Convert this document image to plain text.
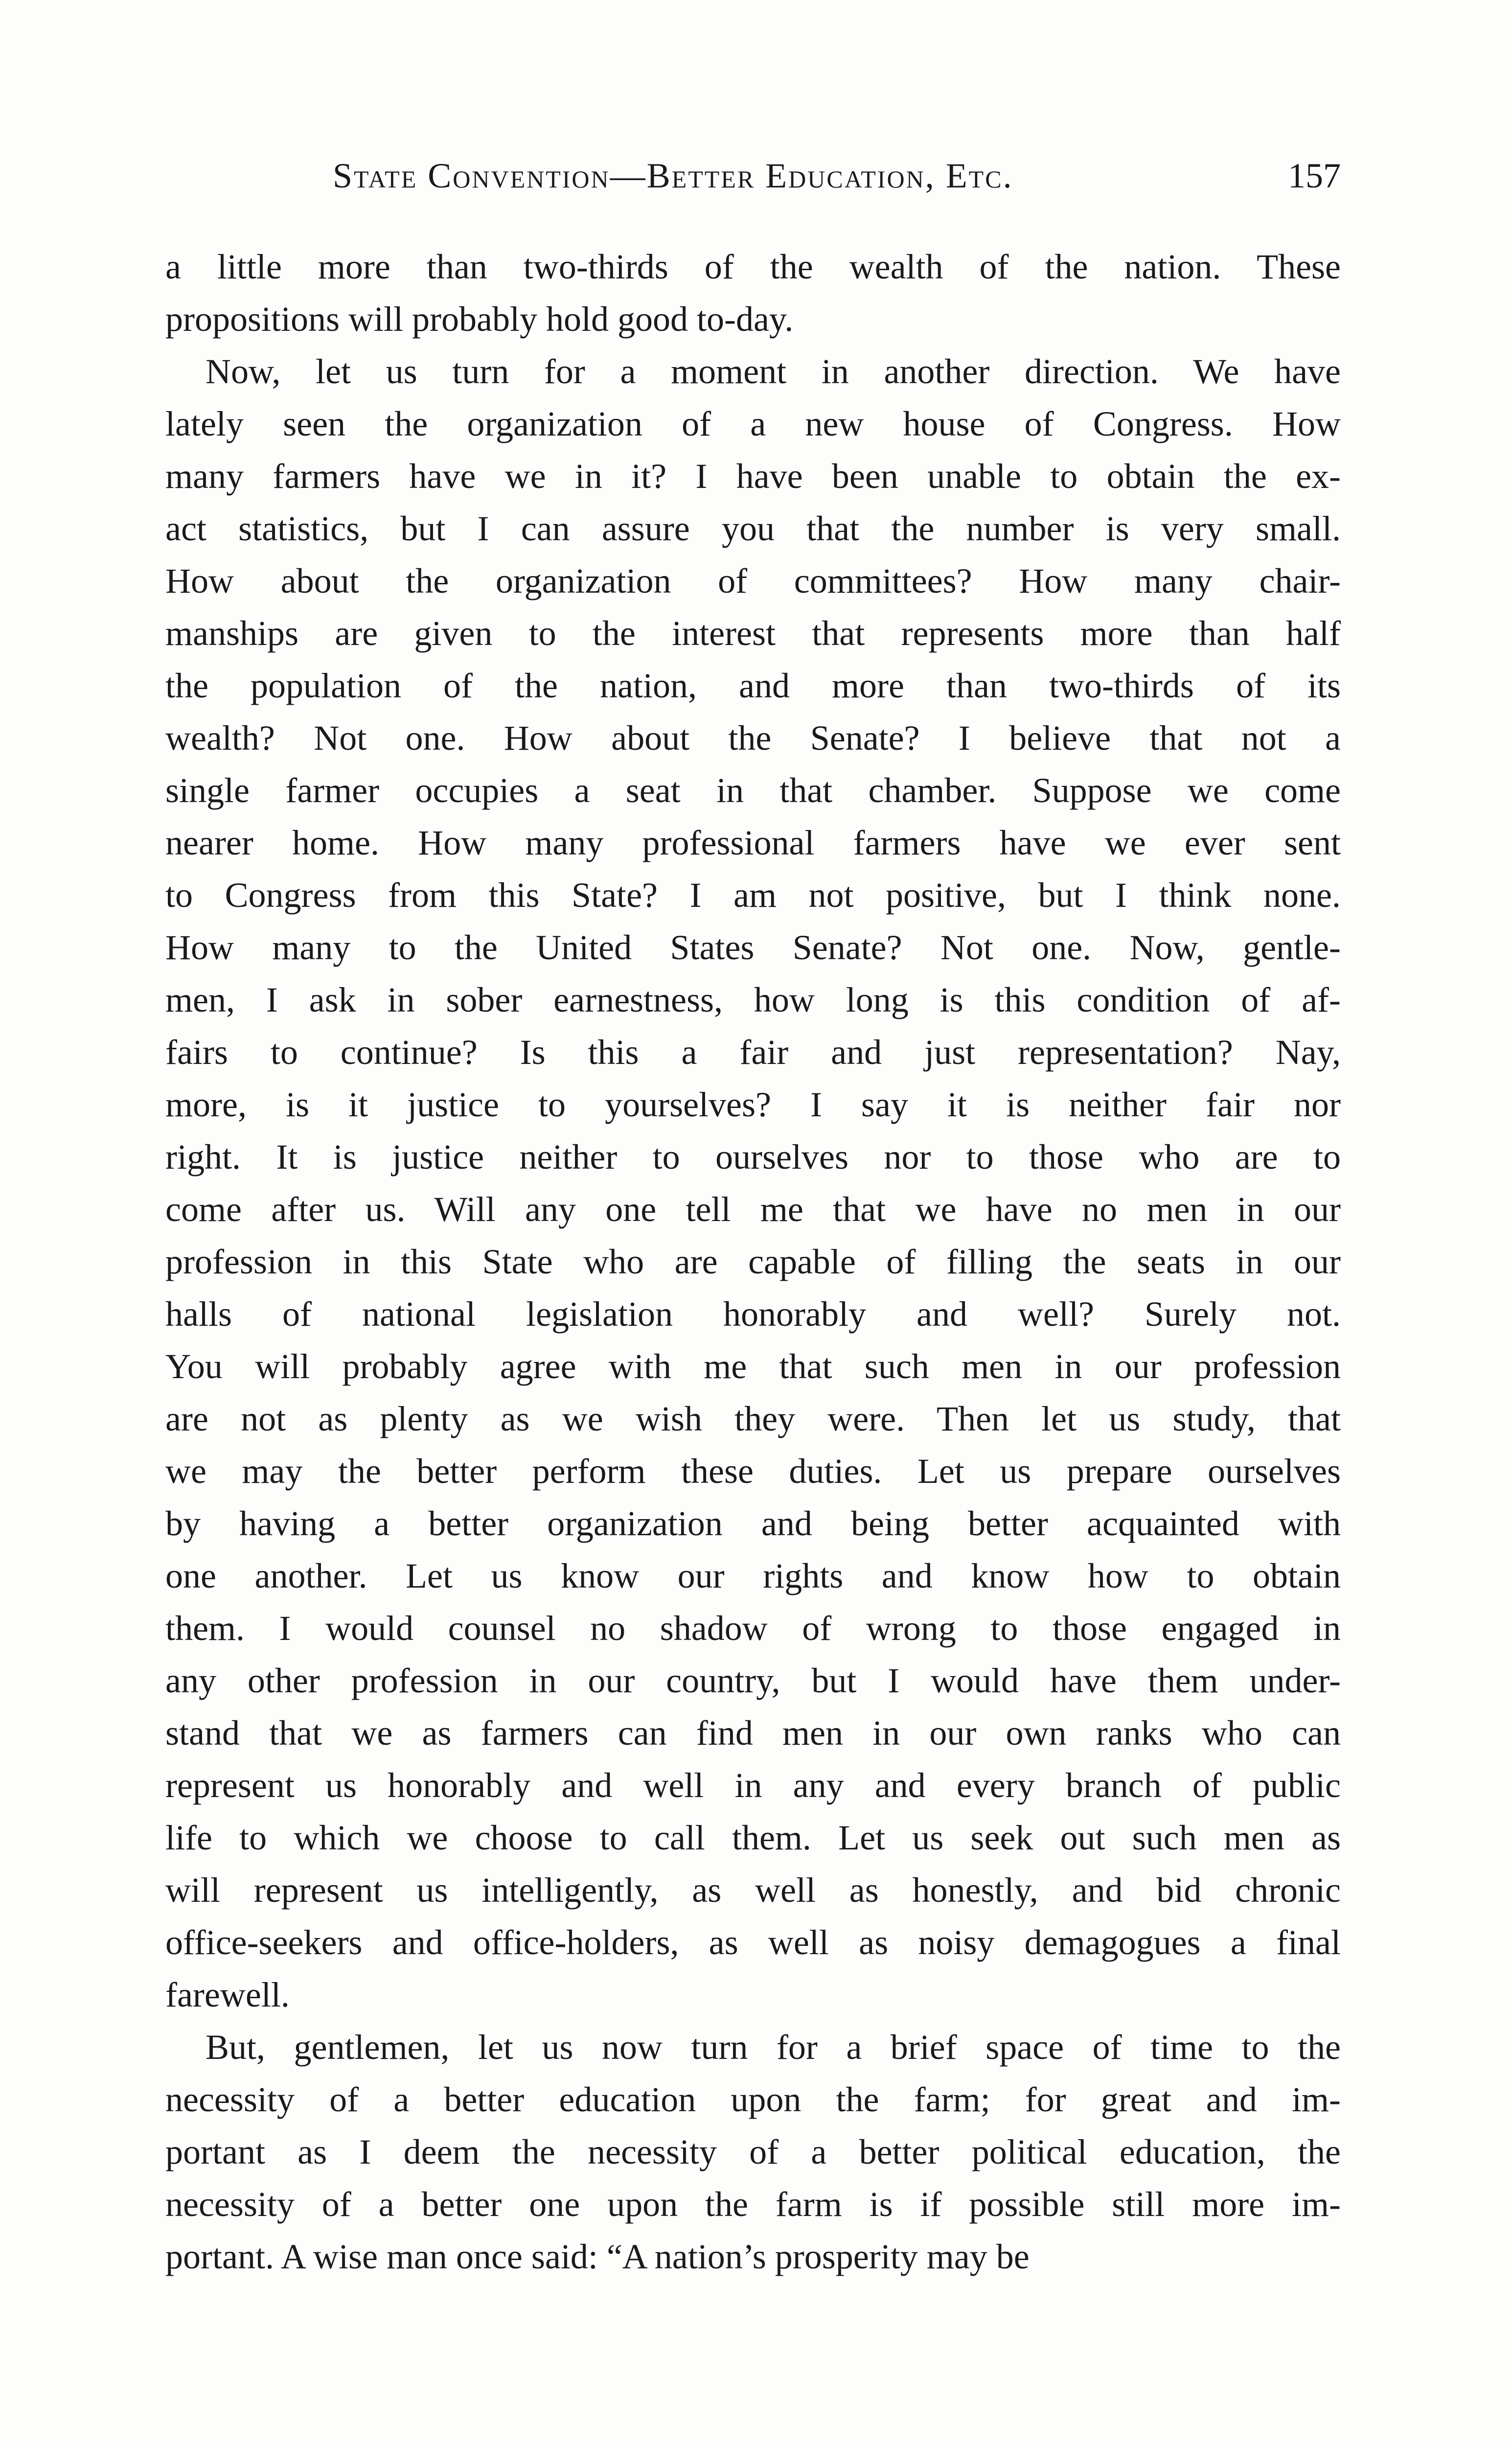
State Convention—Better Education, Etc.	157
a little more than two-thirds of the wealth of the nation. These
propositions will probably hold good to-day.
Now, let us turn for a moment in another direction. We have
lately seen the organization of a new house of Congress. How
many farmers have we in it? I have been unable to obtain the ex-
act statistics, but I can assure you that the number is very small.
How about the organization of committees? How many chair-
manships are given to the interest that represents more than half
the population of the nation, and more than two-thirds of its
wealth? Not one. How about the Senate? I believe that not a
single farmer occupies a seat in that chamber. Suppose we come
nearer home. How many professional farmers have we ever sent
to Congress from this State? I am not positive, but I think none.
How many to the United States Senate? Not one. Now, gentle-
men, I ask in sober earnestness, how long is this condition of af-
fairs to continue? Is this a fair and just representation? Nay,
more, is it justice to yourselves? I say it is neither fair nor
right. It is justice neither to ourselves nor to those who are to
come after us. Will any one tell me that we have no men in our
profession in this State who are capable of filling the seats in our
halls of national legislation honorably and well? Surely not.
You will probably agree with me that such men in our profession
are not as plenty as we wish they were. Then let us study, that
we may the better perform these duties. Let us prepare ourselves
by having a better organization and being better acquainted with
one another. Let us know our rights and know how to obtain
them. I would counsel no shadow of wrong to those engaged in
any other profession in our country, but I would have them under-
stand that we as farmers can find men in our own ranks who can
represent us honorably and well in any and every branch of public
life to which we choose to call them. Let us seek out such men as
will represent us intelligently, as well as honestly, and bid chronic
office-seekers and office-holders, as well as noisy demagogues a final
farewell.
But, gentlemen, let us now turn for a brief space of time to the
necessity of a better education upon the farm; for great and im-
portant as I deem the necessity of a better political education, the
necessity of a better one upon the farm is if possible still more im-
portant. A wise man once said: “A nation’s prosperity may be
